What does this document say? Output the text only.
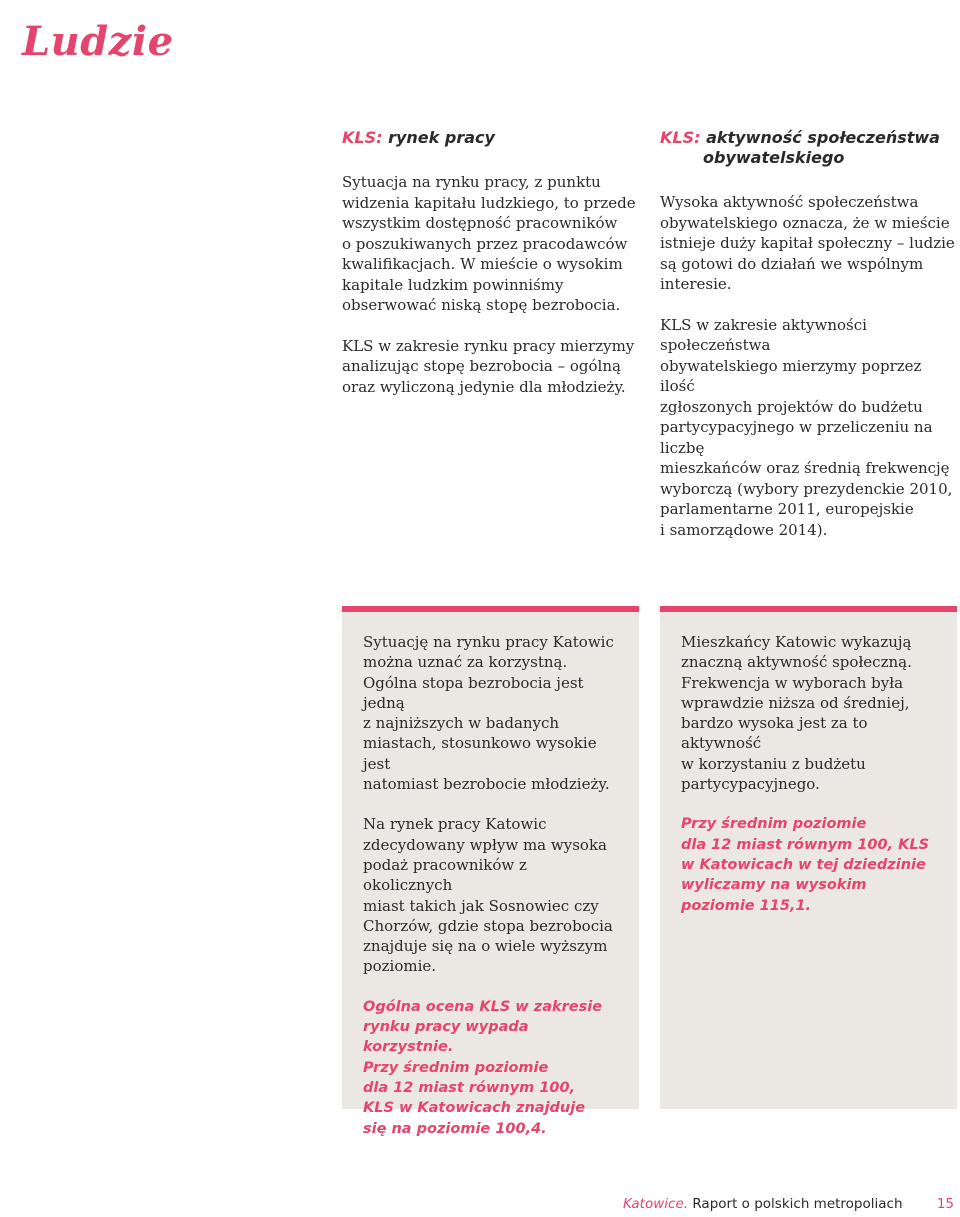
Ludzie
KLS: rynek pracy

Sytuacja na rynku pracy, z punktu
widzenia kapitału ludzkiego, to przede
wszystkim dostępność pracowników
o poszukiwanych przez pracodawców
kwalifikacjach. W mieście o wysokim
kapitale ludzkim powinniśmy
obserwować niską stopę bezrobocia.

KLS w zakresie rynku pracy mierzymy
analizując stopę bezrobocia – ogólną
oraz wyliczoną jedynie dla młodzieży.

KLS: aktywność społeczeństwa
obywatelskiego

Wysoka aktywność społeczeństwa
obywatelskiego oznacza, że w mieście
istnieje duży kapitał społeczny – ludzie
są gotowi do działań we wspólnym
interesie.

KLS w zakresie aktywności społeczeństwa
obywatelskiego mierzymy poprzez ilość
zgłoszonych projektów do budżetu
partycypacyjnego w przeliczeniu na liczbę
mieszkańców oraz średnią frekwencję
wyborczą (wybory prezydenckie 2010,
parlamentarne 2011, europejskie
i samorządowe 2014).

Sytuację na rynku pracy Katowic
można uznać za korzystną.
Ogólna stopa bezrobocia jest jedną
z najniższych w badanych
miastach, stosunkowo wysokie jest
natomiast bezrobocie młodzieży.

Na rynek pracy Katowic
zdecydowany wpływ ma wysoka
podaż pracowników z okolicznych
miast takich jak Sosnowiec czy
Chorzów, gdzie stopa bezrobocia
znajduje się na o wiele wyższym
poziomie.

Ogólna ocena KLS w zakresie
rynku pracy wypada korzystnie.
Przy średnim poziomie
dla 12 miast równym 100,
KLS w Katowicach znajduje
się na poziomie 100,4.

Mieszkańcy Katowic wykazują
znaczną aktywność społeczną.
Frekwencja w wyborach była
wprawdzie niższa od średniej,
bardzo wysoka jest za to aktywność
w korzystaniu z budżetu
partycypacyjnego.

Przy średnim poziomie
dla 12 miast równym 100, KLS
w Katowicach w tej dziedzinie
wyliczamy na wysokim
poziomie 115,1.

Katowice. Raport o polskich metropoliach	15
